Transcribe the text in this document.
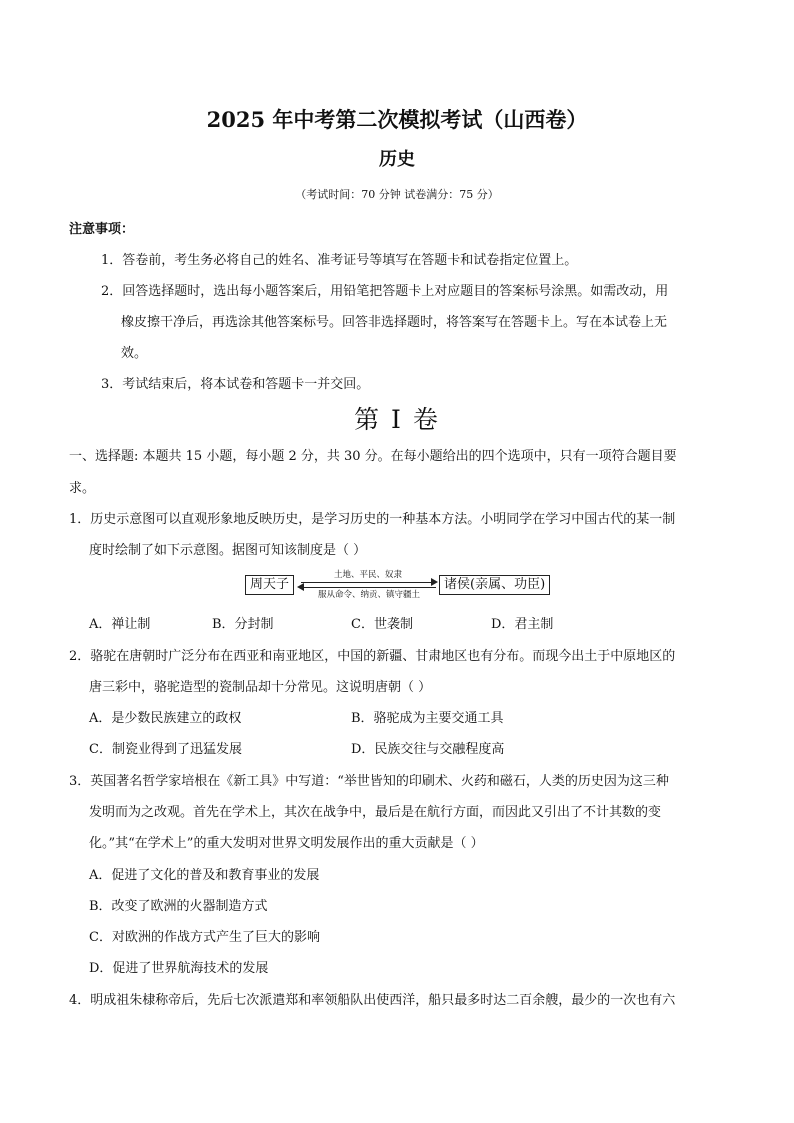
2025 年中考第二次模拟考试（山西卷）
历史
（考试时间：70 分钟 试卷满分：75 分）
注意事项：
1．答卷前，考生务必将自己的姓名、准考证号等填写在答题卡和试卷指定位置上。
2．回答选择题时，选出每小题答案后，用铅笔把答题卡上对应题目的答案标号涂黑。如需改动，用
橡皮擦干净后，再选涂其他答案标号。回答非选择题时，将答案写在答题卡上。写在本试卷上无
效。
3．考试结束后，将本试卷和答题卡一并交回。
第 I 卷
一、选择题: 本题共 15 小题，每小题 2 分，共 30 分。在每小题给出的四个选项中，只有一项符合题目要
求。
1．历史示意图可以直观形象地反映历史，是学习历史的一种基本方法。小明同学在学习中国古代的某一制
度时绘制了如下示意图。据图可知该制度是（ ）
周天子
土地、平民、奴隶
服从命令、纳贡、镇守疆土
诸侯(亲属、功臣)
A．禅让制	B．分封制	C．世袭制	D．君主制
2．骆驼在唐朝时广泛分布在西亚和南亚地区，中国的新疆、甘肃地区也有分布。而现今出土于中原地区的
唐三彩中，骆驼造型的瓷制品却十分常见。这说明唐朝（ ）
A．是少数民族建立的政权	B．骆驼成为主要交通工具
C．制瓷业得到了迅猛发展	D．民族交往与交融程度高
3．英国著名哲学家培根在《新工具》中写道：“举世皆知的印刷术、火药和磁石，人类的历史因为这三种
发明而为之改观。首先在学术上，其次在战争中，最后是在航行方面，而因此又引出了不计其数的变
化。”其“在学术上”的重大发明对世界文明发展作出的重大贡献是（ ）
A．促进了文化的普及和教育事业的发展
B．改变了欧洲的火器制造方式
C．对欧洲的作战方式产生了巨大的影响
D．促进了世界航海技术的发展
4．明成祖朱棣称帝后，先后七次派遣郑和率领船队出使西洋，船只最多时达二百余艘，最少的一次也有六
